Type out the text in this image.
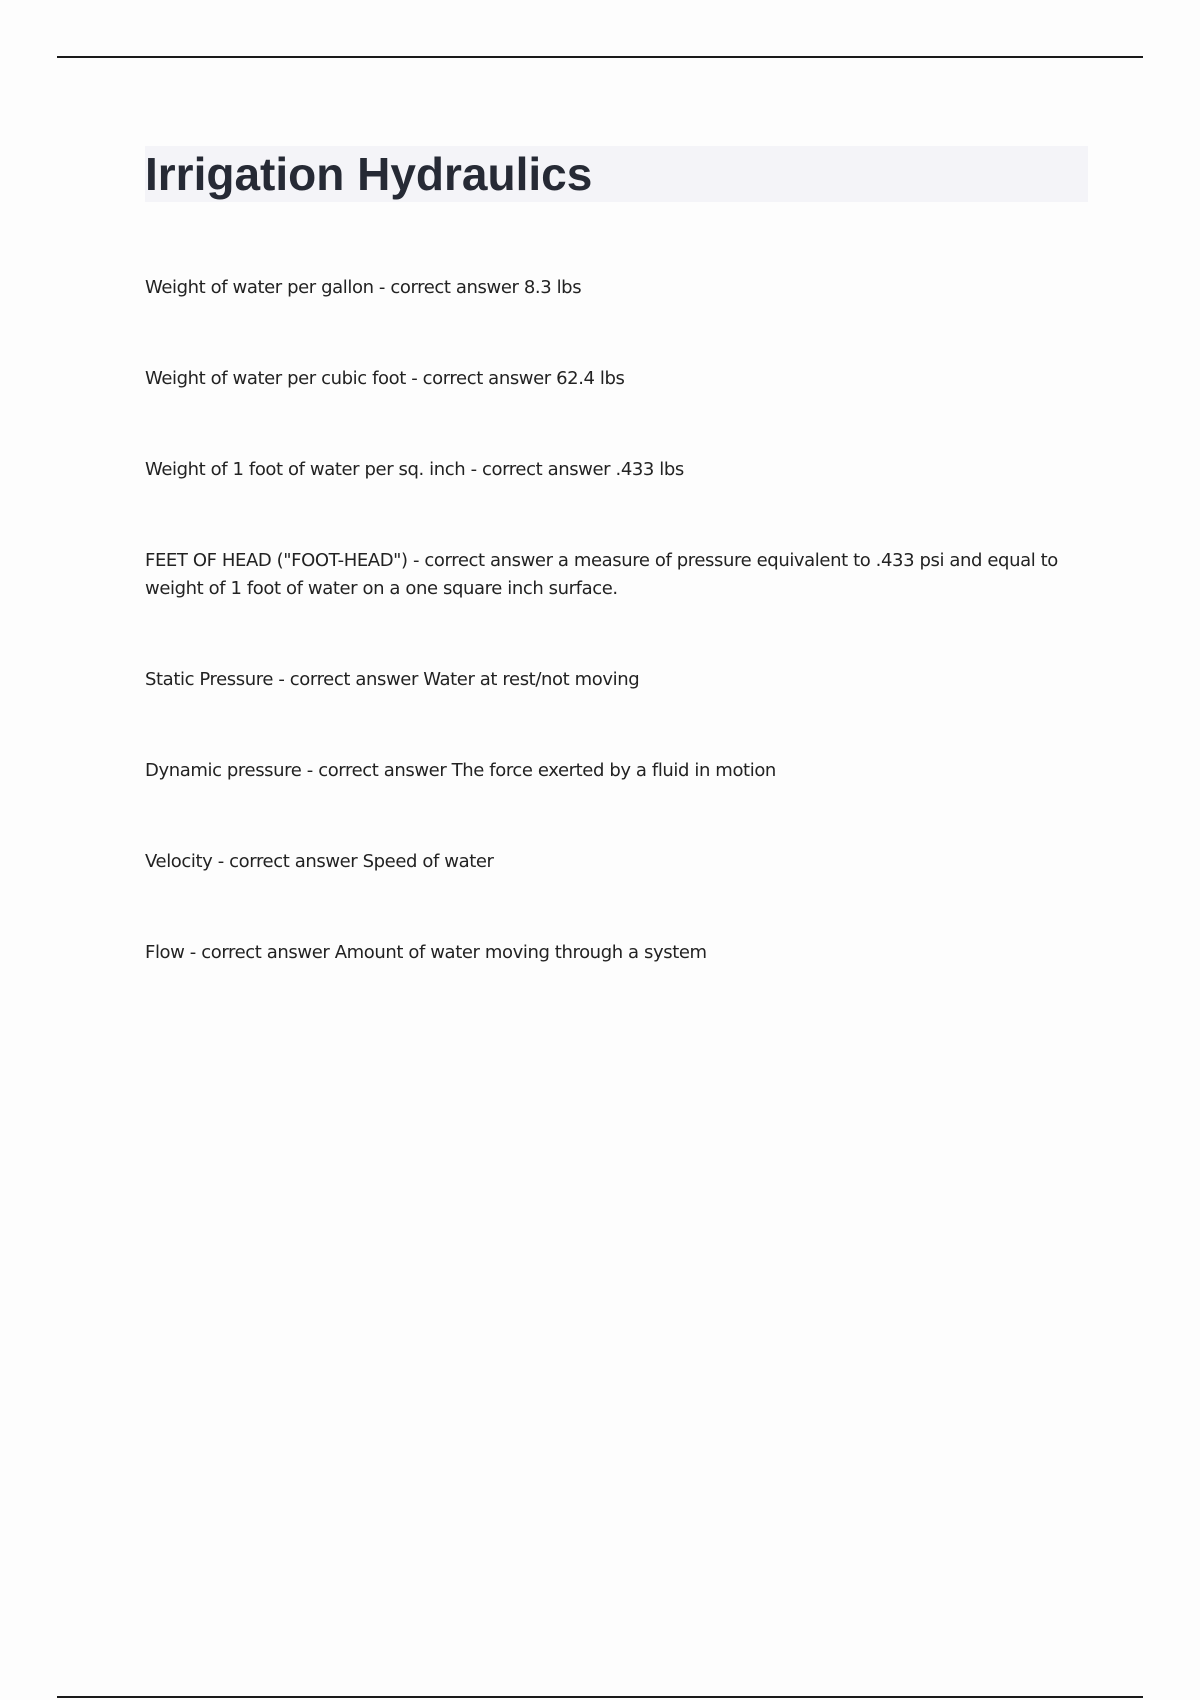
Irrigation Hydraulics

Weight of water per gallon - correct answer 8.3 lbs

Weight of water per cubic foot - correct answer 62.4 lbs

Weight of 1 foot of water per sq. inch - correct answer .433 lbs

FEET OF HEAD ("FOOT-HEAD") - correct answer a measure of pressure equivalent to .433 psi and equal to weight of 1 foot of water on a one square inch surface.

Static Pressure - correct answer Water at rest/not moving

Dynamic pressure - correct answer The force exerted by a fluid in motion

Velocity - correct answer Speed of water

Flow - correct answer Amount of water moving through a system
